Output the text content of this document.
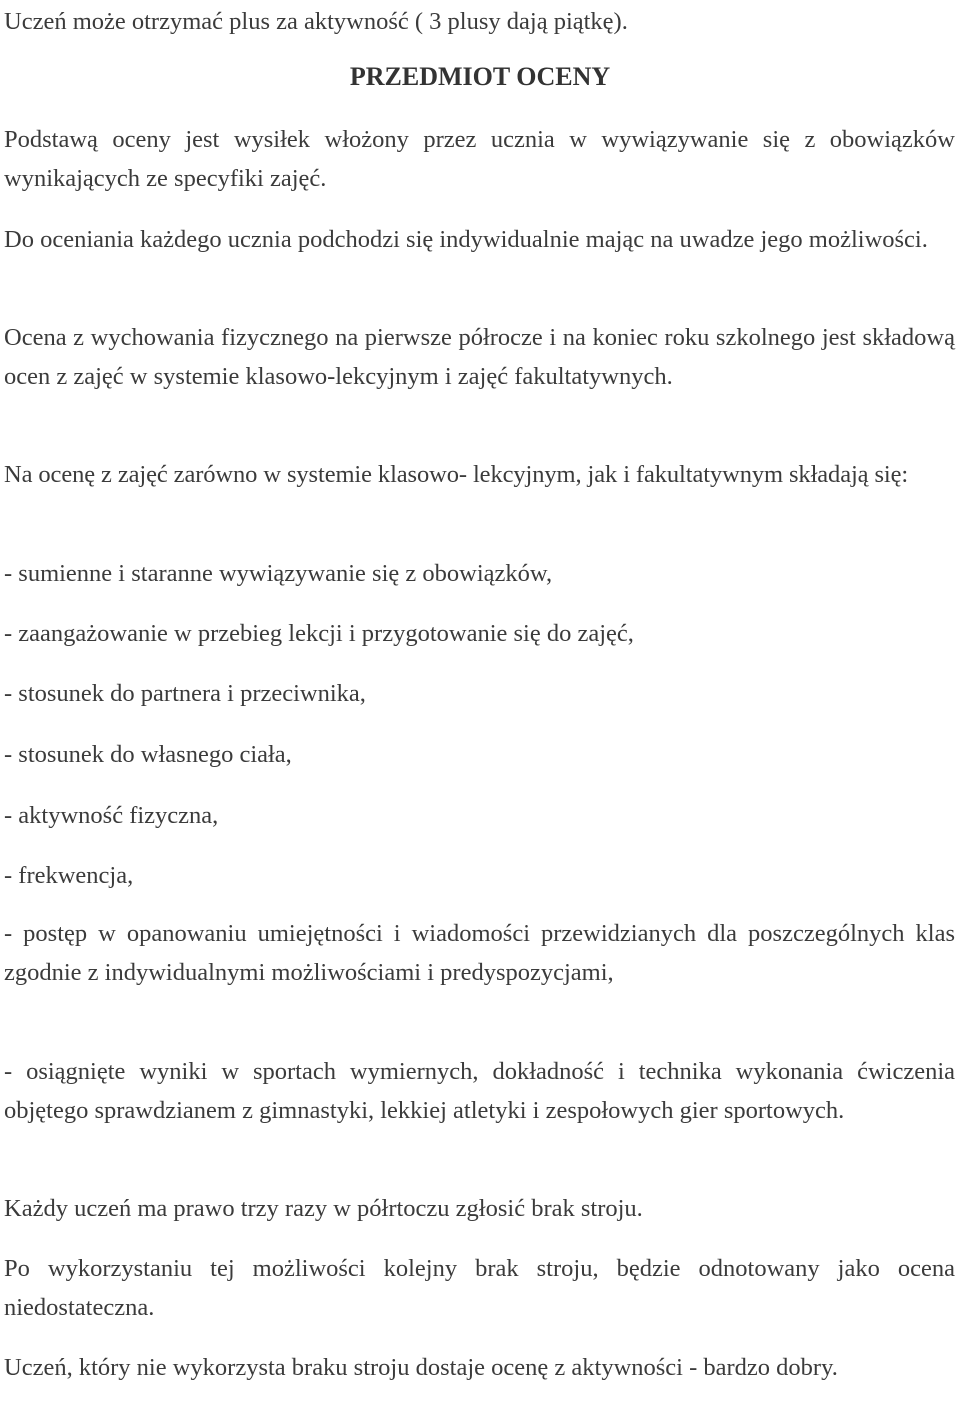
Uczeń może otrzymać plus za aktywność ( 3 plusy dają piątkę).

PRZEDMIOT OCENY

Podstawą oceny jest wysiłek włożony przez ucznia w wywiązywanie się z obowiązków wynikających ze specyfiki zajęć.

Do oceniania każdego ucznia podchodzi się indywidualnie mając na uwadze jego możliwości.

Ocena z wychowania fizycznego na pierwsze półrocze i na koniec roku szkolnego jest składową ocen z zajęć w systemie klasowo-lekcyjnym i zajęć fakultatywnych.

Na ocenę z zajęć zarówno w systemie klasowo- lekcyjnym, jak i fakultatywnym składają się:

- sumienne i staranne wywiązywanie się z obowiązków,

- zaangażowanie w przebieg lekcji i przygotowanie się do zajęć,

- stosunek do partnera i przeciwnika,

- stosunek do własnego ciała,

- aktywność fizyczna,

- frekwencja,

- postęp w opanowaniu umiejętności i wiadomości przewidzianych dla poszczególnych klas zgodnie z indywidualnymi możliwościami i predyspozycjami,

- osiągnięte wyniki w sportach wymiernych, dokładność i technika wykonania ćwiczenia objętego sprawdzianem z gimnastyki, lekkiej atletyki i zespołowych gier sportowych.

Każdy uczeń ma prawo trzy razy w półrtoczu zgłosić brak stroju.

Po wykorzystaniu tej możliwości kolejny brak stroju, będzie odnotowany jako ocena niedostateczna.

Uczeń, który nie wykorzysta braku stroju dostaje ocenę z aktywności - bardzo dobry.
